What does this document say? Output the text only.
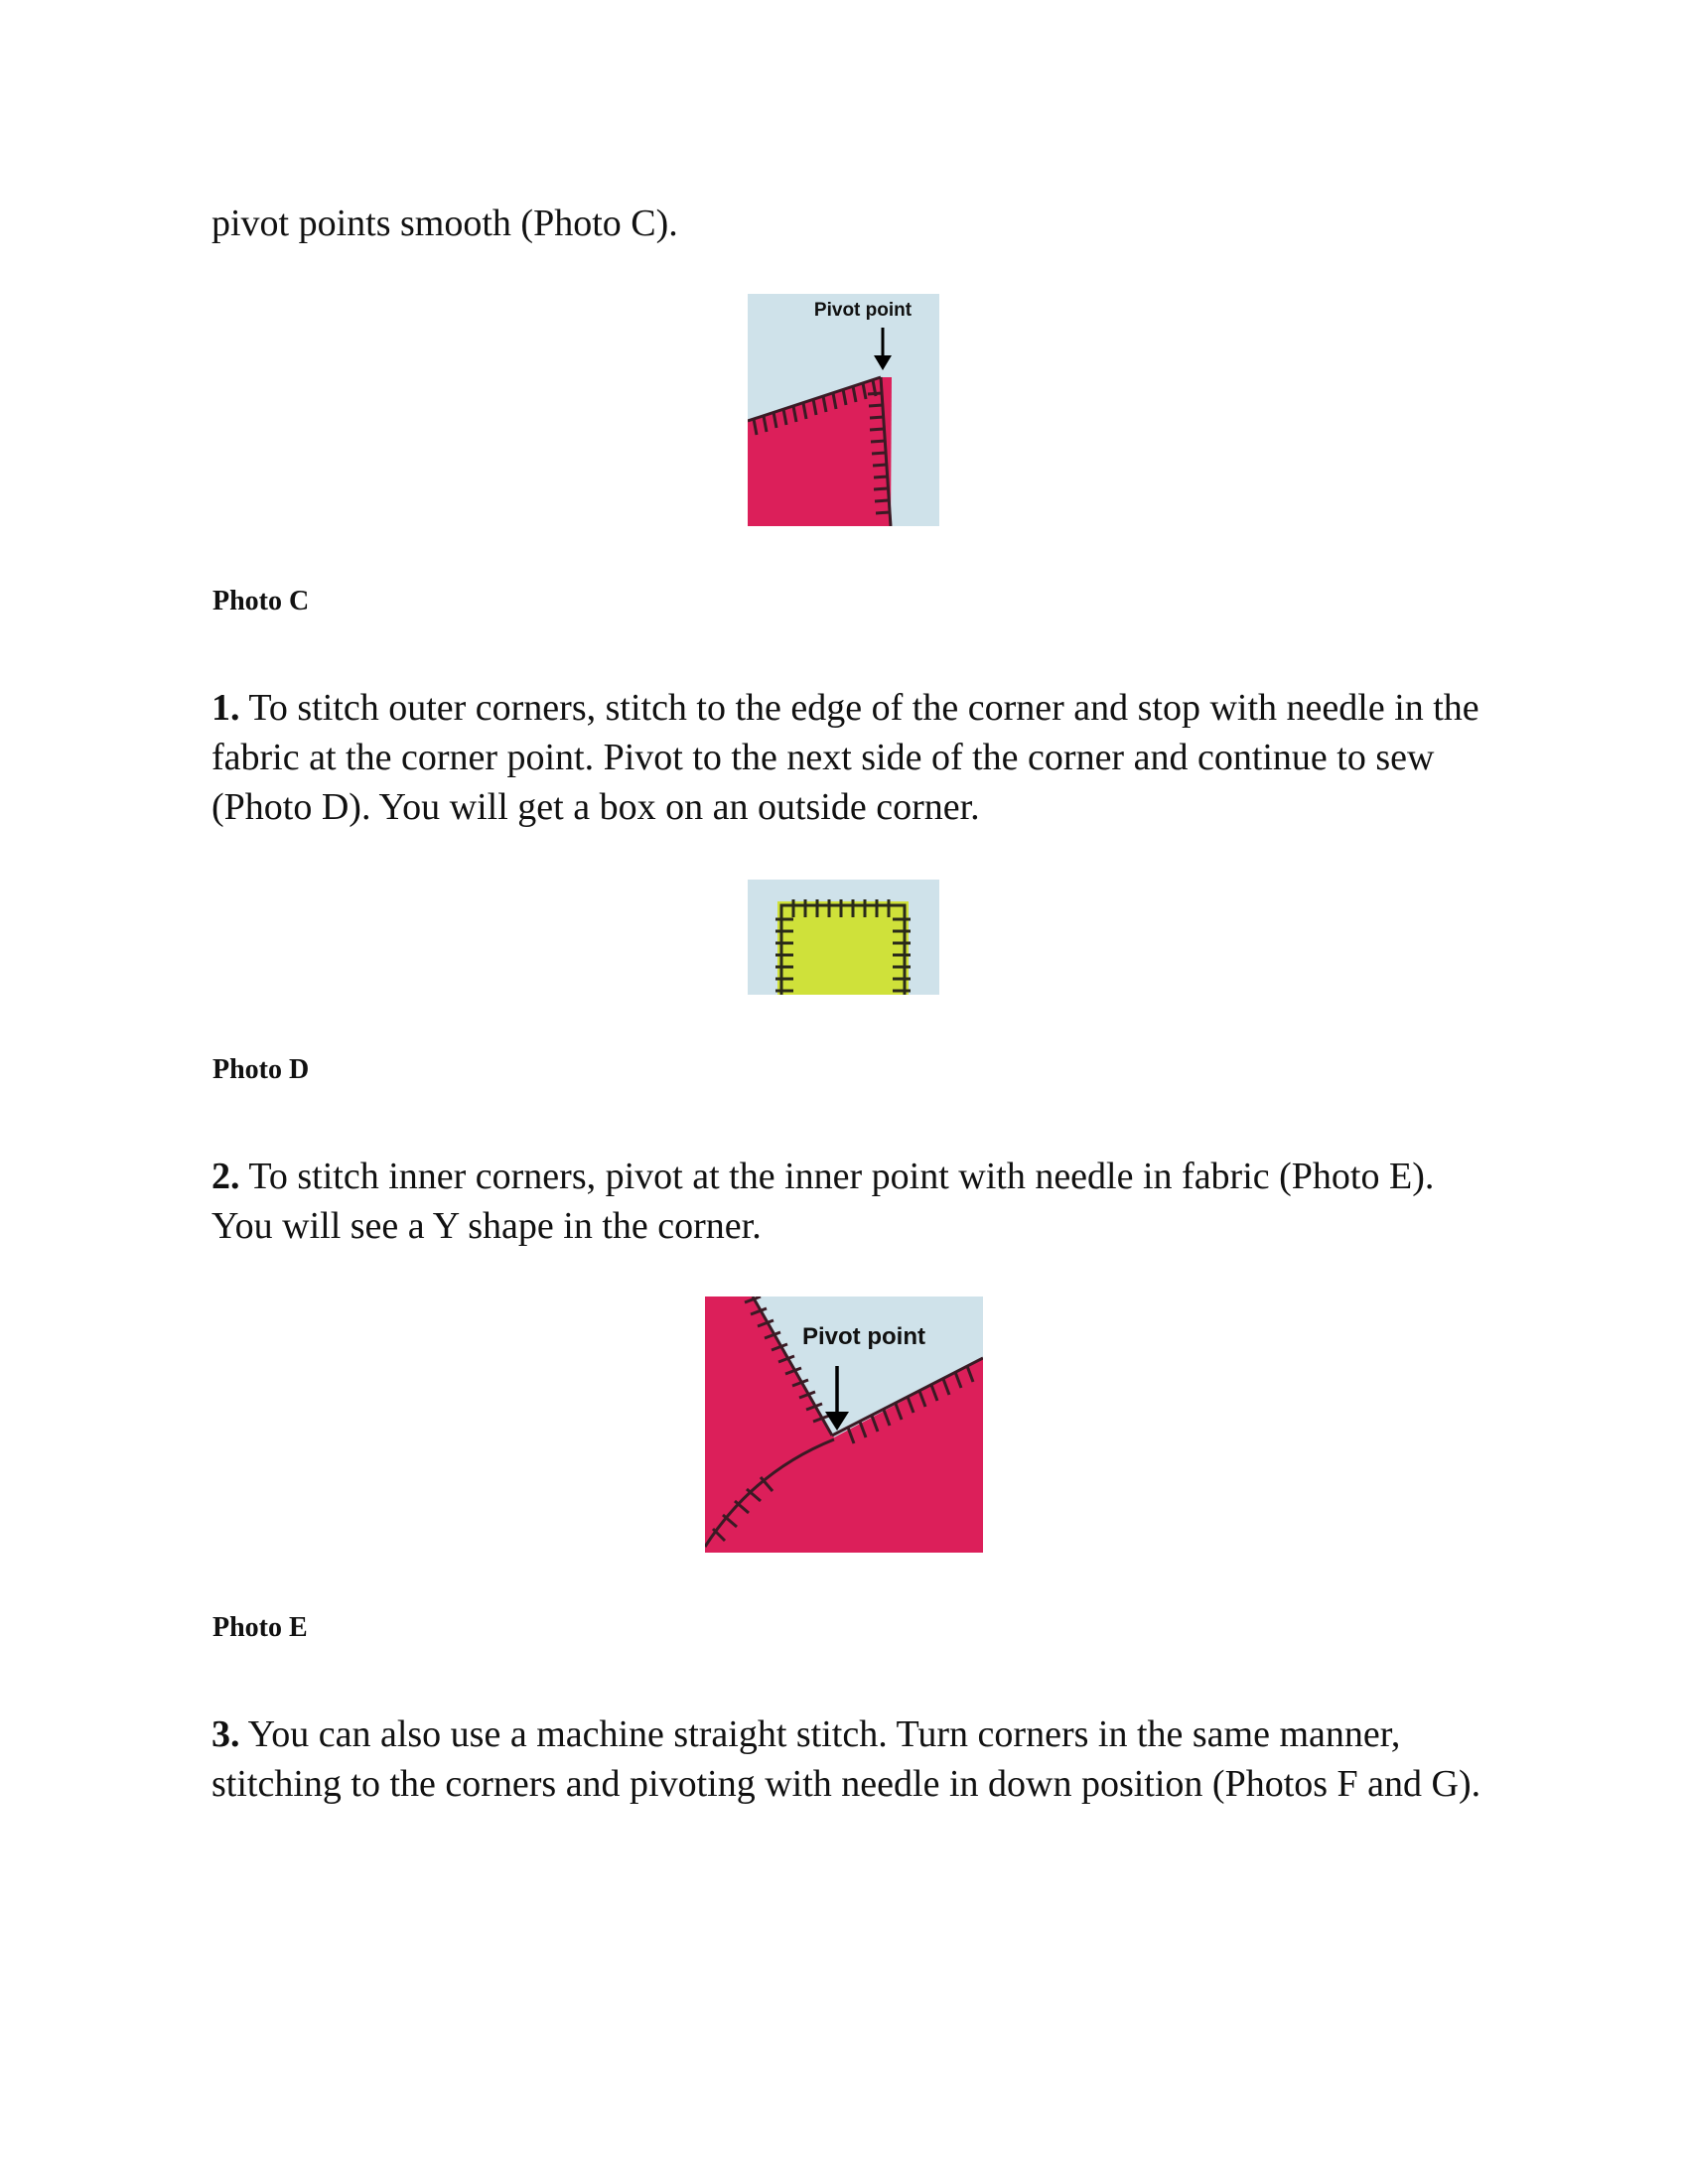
pivot points smooth (Photo C).

Pivot point

Photo C

1. To stitch outer corners, stitch to the edge of the corner and stop with needle in the fabric at the corner point. Pivot to the next side of the corner and continue to sew (Photo D). You will get a box on an outside corner.

Photo D

2. To stitch inner corners, pivot at the inner point with needle in fabric (Photo E). You will see a Y shape in the corner.

Pivot point

Photo E

3. You can also use a machine straight stitch. Turn corners in the same manner, stitching to the corners and pivoting with needle in down position (Photos F and G).
